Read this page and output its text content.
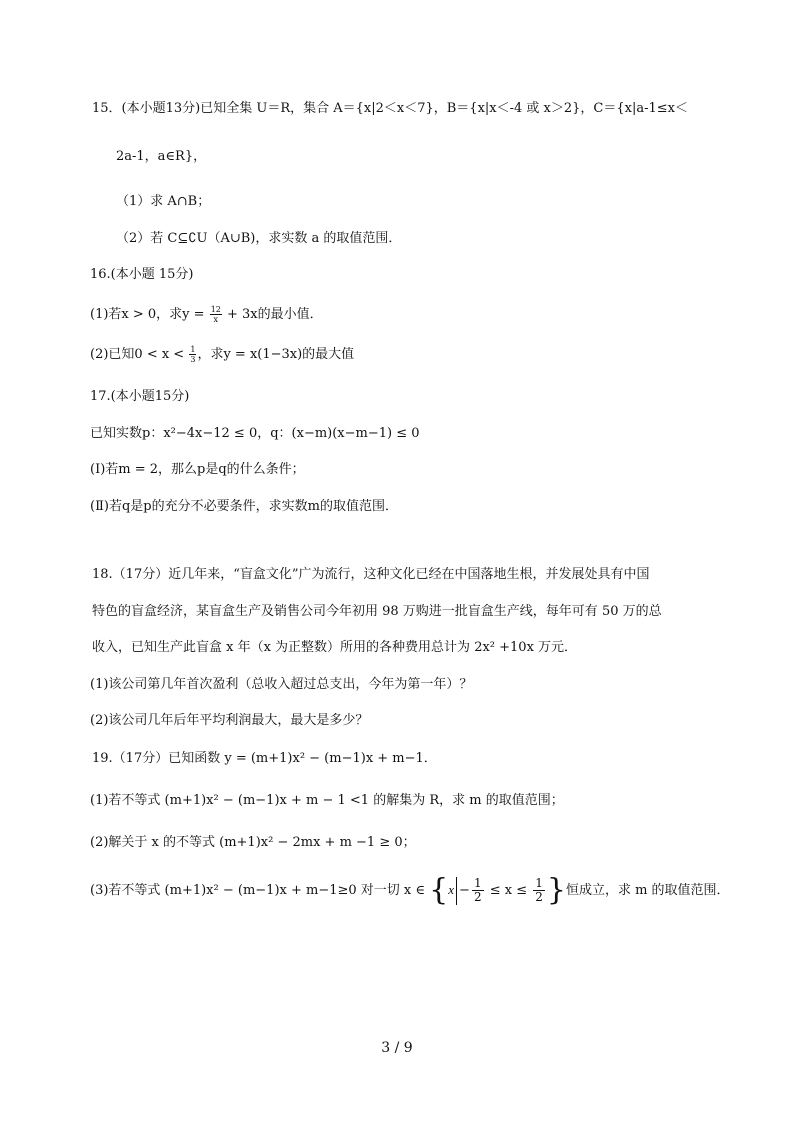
15．(本小题13分)已知全集 U＝R，集合 A＝{x|2＜x＜7}，B＝{x|x＜-4 或 x＞2}，C＝{x|a-1≤x＜
2a-1，a∈R}，
（1）求 A∩B；
（2）若 C⊆∁U（A∪B)，求实数 a 的取值范围．
16.(本小题 15分)
(1)若x > 0，求$y = \frac{12}{x} + 3x$的最小值．
(2)已知$0 < x < \frac{1}{3}$ ，求y = x(1−3x)的最大值
17.(本小题15分)
已知实数p：x²−4x−12 ≤ 0，q：(x−m)(x−m−1) ≤ 0
(Ⅰ)若m = 2，那么p是q的什么条件；
(Ⅱ)若q是p的充分不必要条件，求实数m的取值范围．
18.（17分）近几年来，“盲盒文化”广为流行，这种文化已经在中国落地生根，并发展处具有中国
特色的盲盒经济，某盲盒生产及销售公司今年初用 98 万购进一批盲盒生产线，每年可有 50 万的总
收入，已知生产此盲盒 x 年（x 为正整数）所用的各种费用总计为 2x² +10x 万元．
(1)该公司第几年首次盈利（总收入超过总支出，今年为第一年）？
(2)该公司几年后年平均利润最大，最大是多少？
19.（17分）已知函数 y = (m+1)x² − (m−1)x + m−1．
(1)若不等式 (m+1)x² − (m−1)x + m − 1 <1 的解集为 R，求 m 的取值范围；
(2)解关于 x 的不等式 (m+1)x² − 2mx + m −1 ≥ 0；
(3)若不等式 (m+1)x² − (m−1)x + m−1≥0 对一切 x ∈ {$x - \frac{1}{2} \le x \le \frac{1}{2}$ }恒成立，求 m 的取值范围．
3 / 9
